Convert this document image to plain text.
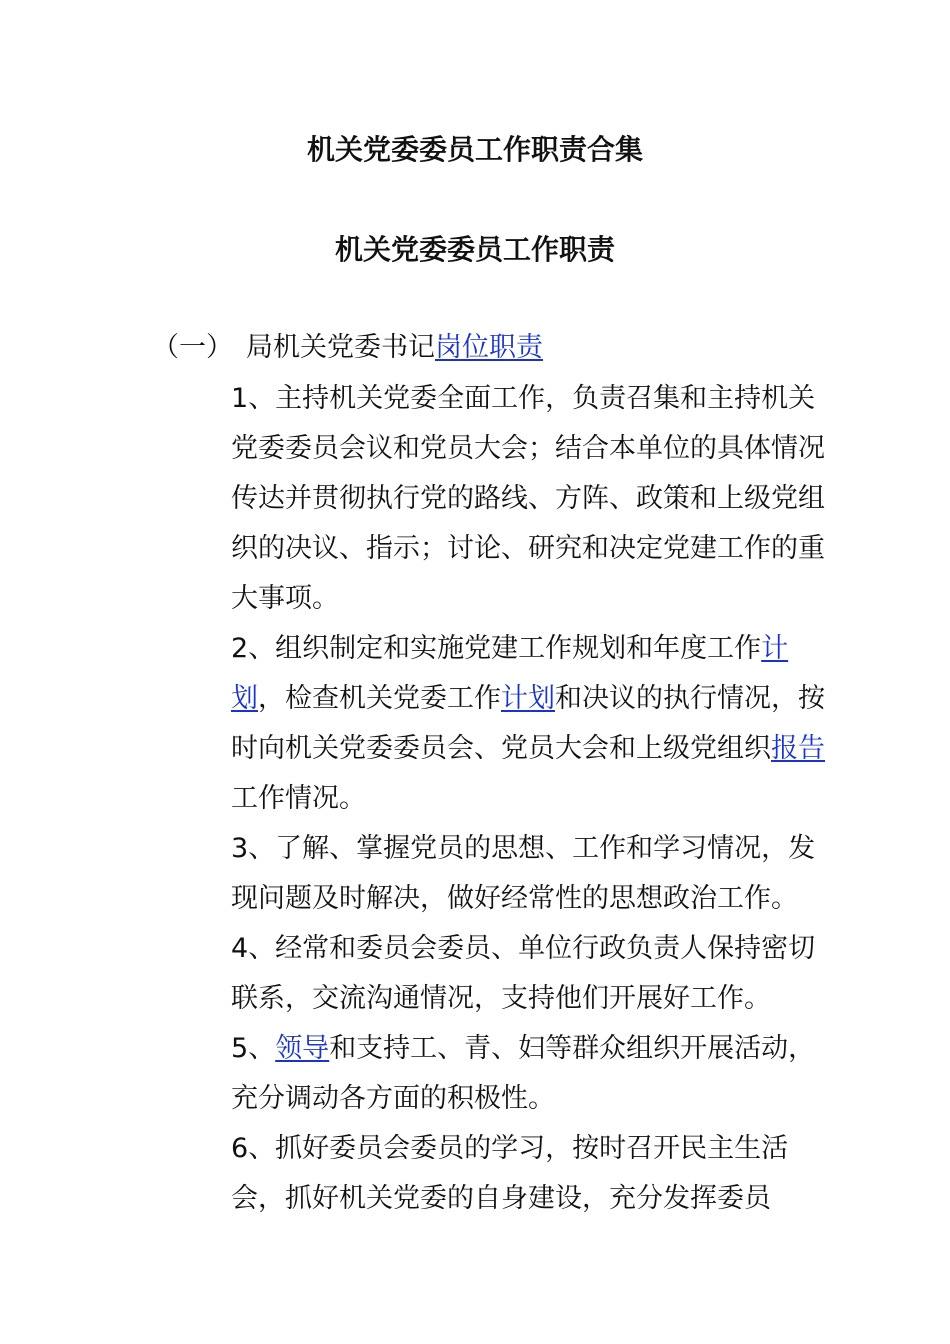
机关党委委员工作职责合集
机关党委委员工作职责
（一） 局机关党委书记岗位职责

1、主持机关党委全面工作，负责召集和主持机关党委委员会议和党员大会；结合本单位的具体情况传达并贯彻执行党的路线、方阵、政策和上级党组织的决议、指示；讨论、研究和决定党建工作的重大事项。

2、组织制定和实施党建工作规划和年度工作计划，检查机关党委工作计划和决议的执行情况，按时向机关党委委员会、党员大会和上级党组织报告工作情况。

3、了解、掌握党员的思想、工作和学习情况，发现问题及时解决，做好经常性的思想政治工作。

4、经常和委员会委员、单位行政负责人保持密切联系，交流沟通情况，支持他们开展好工作。

5、领导和支持工、青、妇等群众组织开展活动，充分调动各方面的积极性。

6、抓好委员会委员的学习，按时召开民主生活会，抓好机关党委的自身建设，充分发挥委员
